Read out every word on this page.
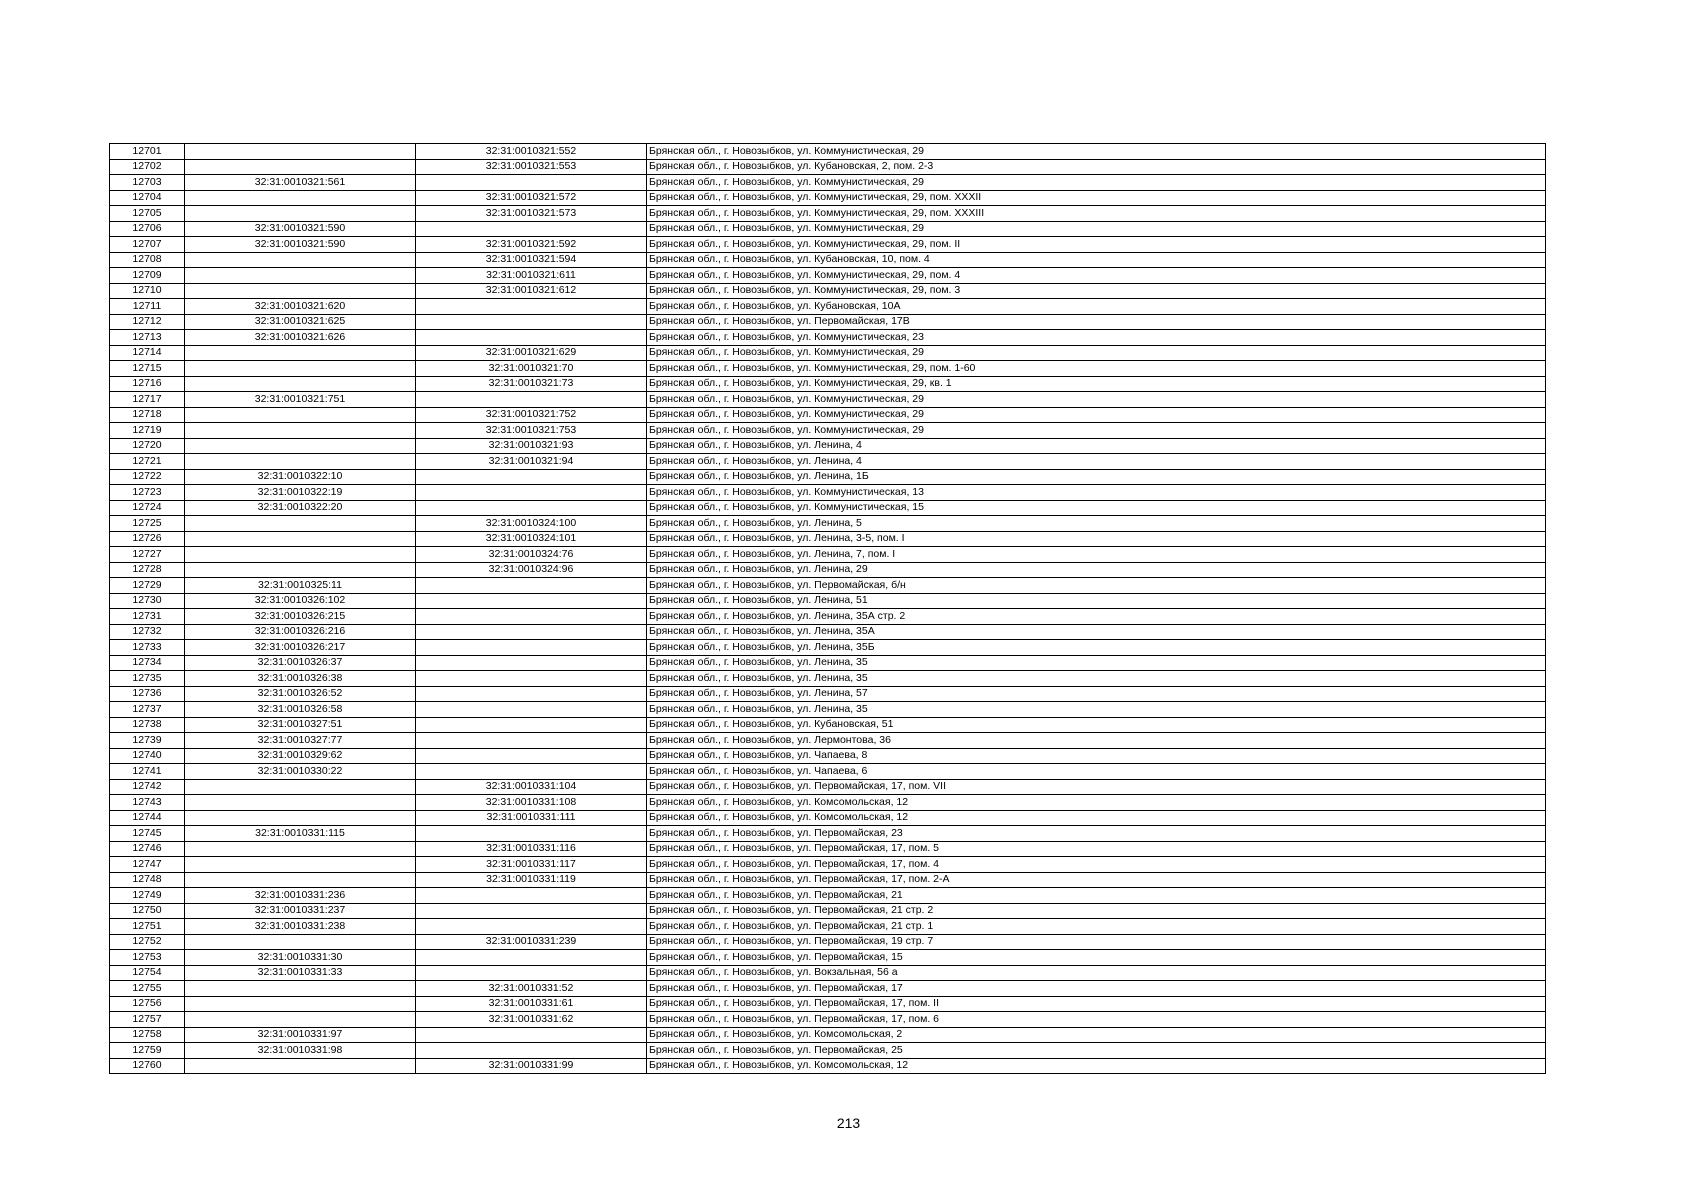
12701		32:31:0010321:552	Брянская обл., г. Новозыбков, ул. Коммунистическая, 29
12702		32:31:0010321:553	Брянская обл., г. Новозыбков, ул. Кубановская, 2, пом. 2-3
12703	32:31:0010321:561		Брянская обл., г. Новозыбков, ул. Коммунистическая, 29
12704		32:31:0010321:572	Брянская обл., г. Новозыбков, ул. Коммунистическая, 29, пом. XXXII
12705		32:31:0010321:573	Брянская обл., г. Новозыбков, ул. Коммунистическая, 29, пом. XXXIII
12706	32:31:0010321:590		Брянская обл., г. Новозыбков, ул. Коммунистическая, 29
12707	32:31:0010321:590	32:31:0010321:592	Брянская обл., г. Новозыбков, ул. Коммунистическая, 29, пом. II
12708		32:31:0010321:594	Брянская обл., г. Новозыбков, ул. Кубановская, 10, пом. 4
12709		32:31:0010321:611	Брянская обл., г. Новозыбков, ул. Коммунистическая, 29, пом. 4
12710		32:31:0010321:612	Брянская обл., г. Новозыбков, ул. Коммунистическая, 29, пом. 3
12711	32:31:0010321:620		Брянская обл., г. Новозыбков, ул. Кубановская, 10А
12712	32:31:0010321:625		Брянская обл., г. Новозыбков, ул. Первомайская, 17В
12713	32:31:0010321:626		Брянская обл., г. Новозыбков, ул. Коммунистическая, 23
12714		32:31:0010321:629	Брянская обл., г. Новозыбков, ул. Коммунистическая, 29
12715		32:31:0010321:70	Брянская обл., г. Новозыбков, ул. Коммунистическая, 29, пом. 1-60
12716		32:31:0010321:73	Брянская обл., г. Новозыбков, ул. Коммунистическая, 29, кв. 1
12717	32:31:0010321:751		Брянская обл., г. Новозыбков, ул. Коммунистическая, 29
12718		32:31:0010321:752	Брянская обл., г. Новозыбков, ул. Коммунистическая, 29
12719		32:31:0010321:753	Брянская обл., г. Новозыбков, ул. Коммунистическая, 29
12720		32:31:0010321:93	Брянская обл., г. Новозыбков, ул. Ленина, 4
12721		32:31:0010321:94	Брянская обл., г. Новозыбков, ул. Ленина, 4
12722	32:31:0010322:10		Брянская обл., г. Новозыбков, ул. Ленина, 1Б
12723	32:31:0010322:19		Брянская обл., г. Новозыбков, ул. Коммунистическая, 13
12724	32:31:0010322:20		Брянская обл., г. Новозыбков, ул. Коммунистическая, 15
12725		32:31:0010324:100	Брянская обл., г. Новозыбков, ул. Ленина, 5
12726		32:31:0010324:101	Брянская обл., г. Новозыбков, ул. Ленина, 3-5, пом. I
12727		32:31:0010324:76	Брянская обл., г. Новозыбков, ул. Ленина, 7, пом. I
12728		32:31:0010324:96	Брянская обл., г. Новозыбков, ул. Ленина, 29
12729	32:31:0010325:11		Брянская обл., г. Новозыбков, ул. Первомайская, б/н
12730	32:31:0010326:102		Брянская обл., г. Новозыбков, ул. Ленина, 51
12731	32:31:0010326:215		Брянская обл., г. Новозыбков, ул. Ленина, 35А стр. 2
12732	32:31:0010326:216		Брянская обл., г. Новозыбков, ул. Ленина, 35А
12733	32:31:0010326:217		Брянская обл., г. Новозыбков, ул. Ленина, 35Б
12734	32:31:0010326:37		Брянская обл., г. Новозыбков, ул. Ленина, 35
12735	32:31:0010326:38		Брянская обл., г. Новозыбков, ул. Ленина, 35
12736	32:31:0010326:52		Брянская обл., г. Новозыбков, ул. Ленина, 57
12737	32:31:0010326:58		Брянская обл., г. Новозыбков, ул. Ленина, 35
12738	32:31:0010327:51		Брянская обл., г. Новозыбков, ул. Кубановская, 51
12739	32:31:0010327:77		Брянская обл., г. Новозыбков, ул. Лермонтова, 36
12740	32:31:0010329:62		Брянская обл., г. Новозыбков, ул. Чапаева, 8
12741	32:31:0010330:22		Брянская обл., г. Новозыбков, ул. Чапаева, 6
12742		32:31:0010331:104	Брянская обл., г. Новозыбков, ул. Первомайская, 17, пом. VII
12743		32:31:0010331:108	Брянская обл., г. Новозыбков, ул. Комсомольская, 12
12744		32:31:0010331:111	Брянская обл., г. Новозыбков, ул. Комсомольская, 12
12745	32:31:0010331:115		Брянская обл., г. Новозыбков, ул. Первомайская, 23
12746		32:31:0010331:116	Брянская обл., г. Новозыбков, ул. Первомайская, 17, пом. 5
12747		32:31:0010331:117	Брянская обл., г. Новозыбков, ул. Первомайская, 17, пом. 4
12748		32:31:0010331:119	Брянская обл., г. Новозыбков, ул. Первомайская, 17, пом. 2-А
12749	32:31:0010331:236		Брянская обл., г. Новозыбков, ул. Первомайская, 21
12750	32:31:0010331:237		Брянская обл., г. Новозыбков, ул. Первомайская, 21 стр. 2
12751	32:31:0010331:238		Брянская обл., г. Новозыбков, ул. Первомайская, 21 стр. 1
12752		32:31:0010331:239	Брянская обл., г. Новозыбков, ул. Первомайская, 19 стр. 7
12753	32:31:0010331:30		Брянская обл., г. Новозыбков, ул. Первомайская, 15
12754	32:31:0010331:33		Брянская обл., г. Новозыбков, ул. Вокзальная, 56 а
12755		32:31:0010331:52	Брянская обл., г. Новозыбков, ул. Первомайская, 17
12756		32:31:0010331:61	Брянская обл., г. Новозыбков, ул. Первомайская, 17, пом. II
12757		32:31:0010331:62	Брянская обл., г. Новозыбков, ул. Первомайская, 17, пом. 6
12758	32:31:0010331:97		Брянская обл., г. Новозыбков, ул. Комсомольская, 2
12759	32:31:0010331:98		Брянская обл., г. Новозыбков, ул. Первомайская, 25
12760		32:31:0010331:99	Брянская обл., г. Новозыбков, ул. Комсомольская, 12
213
